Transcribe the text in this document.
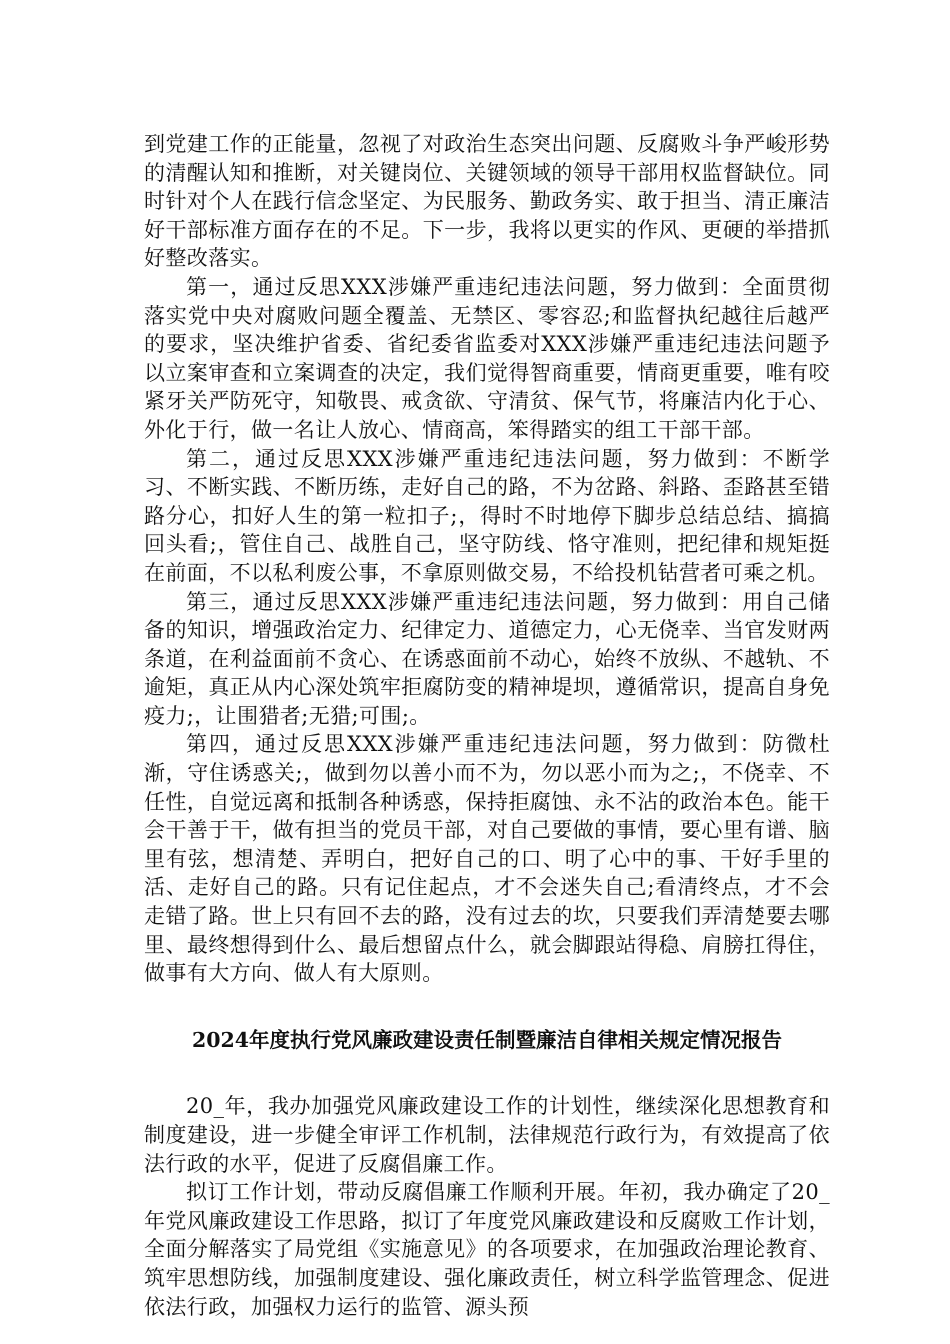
到党建工作的正能量，忽视了对政治生态突出问题、反腐败斗争严峻形势的清醒认知和推断，对关键岗位、关键领域的领导干部用权监督缺位。同时针对个人在践行信念坚定、为民服务、勤政务实、敢于担当、清正廉洁好干部标准方面存在的不足。下一步，我将以更实的作风、更硬的举措抓好整改落实。

第一，通过反思XXX涉嫌严重违纪违法问题，努力做到：全面贯彻落实党中央对腐败问题全覆盖、无禁区、零容忍;和监督执纪越往后越严的要求，坚决维护省委、省纪委省监委对XXX涉嫌严重违纪违法问题予以立案审查和立案调查的决定，我们觉得智商重要，情商更重要，唯有咬紧牙关严防死守，知敬畏、戒贪欲、守清贫、保气节，将廉洁内化于心、外化于行，做一名让人放心、情商高，笨得踏实的组工干部干部。

第二，通过反思XXX涉嫌严重违纪违法问题，努力做到：不断学习、不断实践、不断历练，走好自己的路，不为岔路、斜路、歪路甚至错路分心，扣好人生的第一粒扣子;，得时不时地停下脚步总结总结、搞搞回头看;，管住自己、战胜自己，坚守防线、恪守准则，把纪律和规矩挺在前面，不以私利废公事，不拿原则做交易，不给投机钻营者可乘之机。

第三，通过反思XXX涉嫌严重违纪违法问题，努力做到：用自己储备的知识，增强政治定力、纪律定力、道德定力，心无侥幸、当官发财两条道，在利益面前不贪心、在诱惑面前不动心，始终不放纵、不越轨、不逾矩，真正从内心深处筑牢拒腐防变的精神堤坝，遵循常识，提高自身免疫力;，让围猎者;无猎;可围;。

第四，通过反思XXX涉嫌严重违纪违法问题，努力做到：防微杜渐，守住诱惑关;，做到勿以善小而不为，勿以恶小而为之;，不侥幸、不任性，自觉远离和抵制各种诱惑，保持拒腐蚀、永不沾的政治本色。能干会干善于干，做有担当的党员干部，对自己要做的事情，要心里有谱、脑里有弦，想清楚、弄明白，把好自己的口、明了心中的事、干好手里的活、走好自己的路。只有记住起点，才不会迷失自己;看清终点，才不会走错了路。世上只有回不去的路，没有过去的坎，只要我们弄清楚要去哪里、最终想得到什么、最后想留点什么，就会脚跟站得稳、肩膀扛得住，做事有大方向、做人有大原则。

2024年度执行党风廉政建设责任制暨廉洁自律相关规定情况报告

20_年，我办加强党风廉政建设工作的计划性，继续深化思想教育和制度建设，进一步健全审评工作机制，法律规范行政行为，有效提高了依法行政的水平，促进了反腐倡廉工作。

拟订工作计划，带动反腐倡廉工作顺利开展。年初，我办确定了20_年党风廉政建设工作思路，拟订了年度党风廉政建设和反腐败工作计划，全面分解落实了局党组《实施意见》的各项要求，在加强政治理论教育、筑牢思想防线，加强制度建设、强化廉政责任，树立科学监管理念、促进依法行政，加强权力运行的监管、源头预
